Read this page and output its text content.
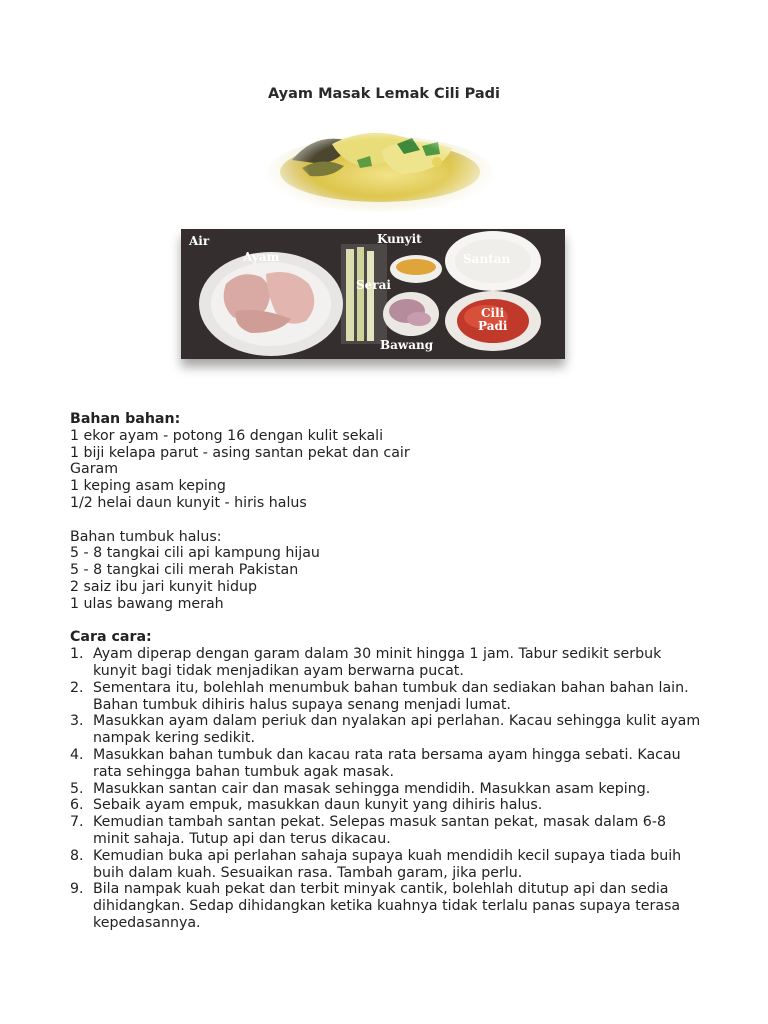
Ayam Masak Lemak Cili Padi
Air
Ayam
Kunyit
Serai
Santan
Cili
Padi
Bawang
Bahan bahan:
1 ekor ayam - potong 16 dengan kulit sekali
1 biji kelapa parut - asing santan pekat dan cair
Garam
1 keping asam keping
1/2 helai daun kunyit - hiris halus
Bahan tumbuk halus:
5 - 8 tangkai cili api kampung hijau
5 - 8 tangkai cili merah Pakistan
2 saiz ibu jari kunyit hidup
1 ulas bawang merah
Cara cara:
1. Ayam diperap dengan garam dalam 30 minit hingga 1 jam. Tabur sedikit serbuk kunyit bagi tidak menjadikan ayam berwarna pucat.
2. Sementara itu, bolehlah menumbuk bahan tumbuk dan sediakan bahan bahan lain. Bahan tumbuk dihiris halus supaya senang menjadi lumat.
3. Masukkan ayam dalam periuk dan nyalakan api perlahan. Kacau sehingga kulit ayam nampak kering sedikit.
4. Masukkan bahan tumbuk dan kacau rata rata bersama ayam hingga sebati. Kacau rata sehingga bahan tumbuk agak masak.
5. Masukkan santan cair dan masak sehingga mendidih. Masukkan asam keping.
6. Sebaik ayam empuk, masukkan daun kunyit yang dihiris halus.
7. Kemudian tambah santan pekat. Selepas masuk santan pekat, masak dalam 6-8 minit sahaja. Tutup api dan terus dikacau.
8. Kemudian buka api perlahan sahaja supaya kuah mendidih kecil supaya tiada buih buih dalam kuah. Sesuaikan rasa. Tambah garam, jika perlu.
9. Bila nampak kuah pekat dan terbit minyak cantik, bolehlah ditutup api dan sedia dihidangkan. Sedap dihidangkan ketika kuahnya tidak terlalu panas supaya terasa kepedasannya.
